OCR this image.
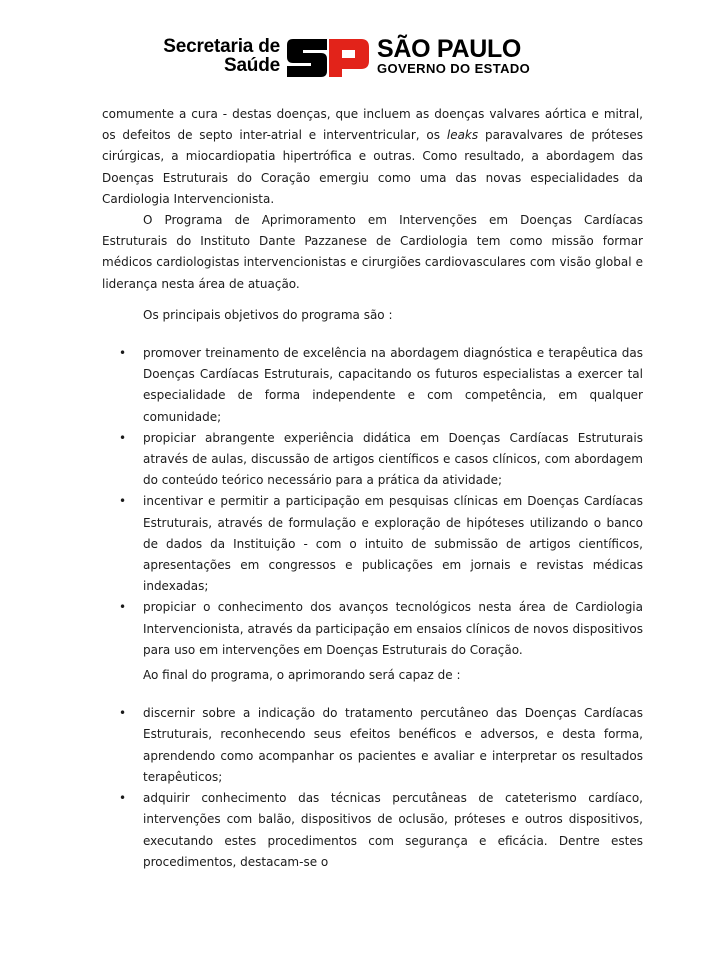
Secretaria de
Saúde
SÃO PAULO
GOVERNO DO ESTADO

comumente a cura - destas doenças, que incluem as doenças valvares aórtica e mitral, os defeitos de septo inter-atrial e interventricular, os leaks paravalvares de próteses cirúrgicas, a miocardiopatia hipertrófica e outras. Como resultado, a abordagem das Doenças Estruturais do Coração emergiu como uma das novas especialidades da Cardiologia Intervencionista.

O Programa de Aprimoramento em Intervenções em Doenças Cardíacas Estruturais do Instituto Dante Pazzanese de Cardiologia tem como missão formar médicos cardiologistas intervencionistas e cirurgiões cardiovasculares com visão global e liderança nesta área de atuação.

Os principais objetivos do programa são :

• promover treinamento de excelência na abordagem diagnóstica e terapêutica das Doenças Cardíacas Estruturais, capacitando os futuros especialistas a exercer tal especialidade de forma independente e com competência, em qualquer comunidade;
• propiciar abrangente experiência didática em Doenças Cardíacas Estruturais através de aulas, discussão de artigos científicos e casos clínicos, com abordagem do conteúdo teórico necessário para a prática da atividade;
• incentivar e permitir a participação em pesquisas clínicas em Doenças Cardíacas Estruturais, através de formulação e exploração de hipóteses utilizando o banco de dados da Instituição - com o intuito de submissão de artigos científicos, apresentações em congressos e publicações em jornais e revistas médicas indexadas;
• propiciar o conhecimento dos avanços tecnológicos nesta área de Cardiologia Intervencionista, através da participação em ensaios clínicos de novos dispositivos para uso em intervenções em Doenças Estruturais do Coração.

Ao final do programa, o aprimorando será capaz de :

• discernir sobre a indicação do tratamento percutâneo das Doenças Cardíacas Estruturais, reconhecendo seus efeitos benéficos e adversos, e desta forma, aprendendo como acompanhar os pacientes e avaliar e interpretar os resultados terapêuticos;
• adquirir conhecimento das técnicas percutâneas de cateterismo cardíaco, intervenções com balão, dispositivos de oclusão, próteses e outros dispositivos, executando estes procedimentos com segurança e eficácia. Dentre estes procedimentos, destacam-se o
